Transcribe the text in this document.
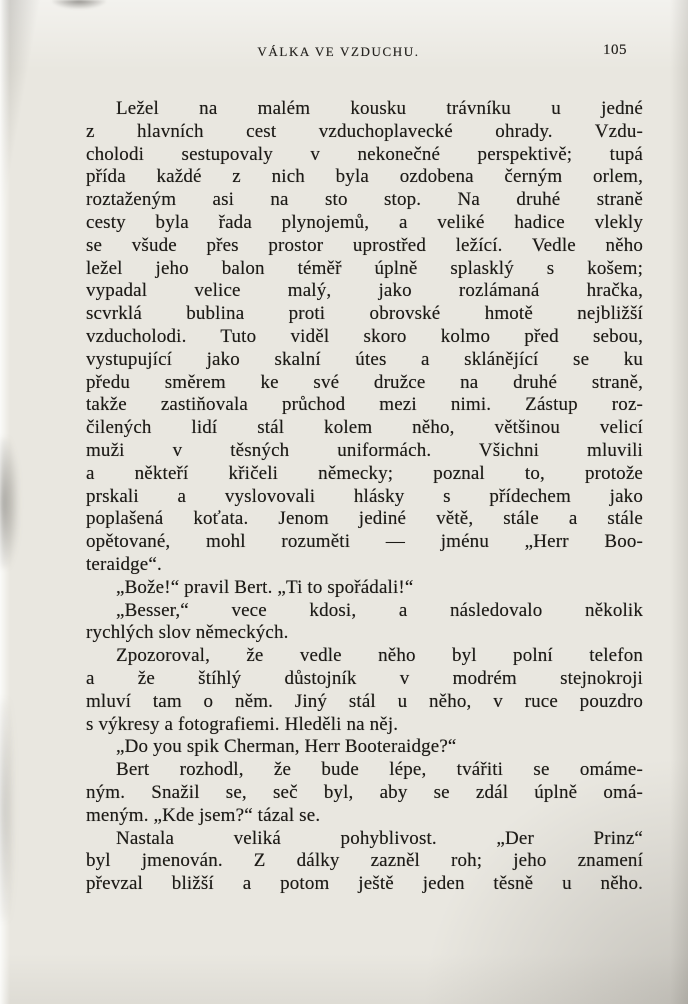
VÁLKA VE VZDUCHU.	105
Ležel na malém kousku trávníku u jedné
z hlavních cest vzduchoplavecké ohrady. Vzdu-
cholodi sestupovaly v nekonečné perspektivě; tupá
přída každé z nich byla ozdobena černým orlem,
roztaženým asi na sto stop. Na druhé straně
cesty byla řada plynojemů, a veliké hadice vlekly
se všude přes prostor uprostřed ležící. Vedle něho
ležel jeho balon téměř úplně splasklý s košem;
vypadal velice malý, jako rozlámaná hračka,
scvrklá bublina proti obrovské hmotě nejbližší
vzducholodi. Tuto viděl skoro kolmo před sebou,
vystupující jako skalní útes a sklánějící se ku
předu směrem ke své družce na druhé straně,
takže zastiňovala průchod mezi nimi. Zástup roz-
čilených lidí stál kolem něho, většinou velicí
muži v těsných uniformách. Všichni mluvili
a někteří křičeli německy; poznal to, protože
prskali a vyslovovali hlásky s přídechem jako
poplašená koťata. Jenom jediné větě, stále a stále
opětované, mohl rozuměti — jménu „Herr Boo-
teraidge“.
„Bože!“ pravil Bert. „Ti to spořádali!“
„Besser,“ vece kdosi, a následovalo několik
rychlých slov německých.
Zpozoroval, že vedle něho byl polní telefon
a že štíhlý důstojník v modrém stejnokroji
mluví tam o něm. Jiný stál u něho, v ruce pouzdro
s výkresy a fotografiemi. Hleděli na něj.
„Do you spik Cherman, Herr Booteraidge?“
Bert rozhodl, že bude lépe, tvářiti se omáme-
ným. Snažil se, seč byl, aby se zdál úplně omá-
meným. „Kde jsem?“ tázal se.
Nastala veliká pohyblivost. „Der Prinz“
byl jmenován. Z dálky zazněl roh; jeho znamení
převzal bližší a potom ještě jeden těsně u něho.
